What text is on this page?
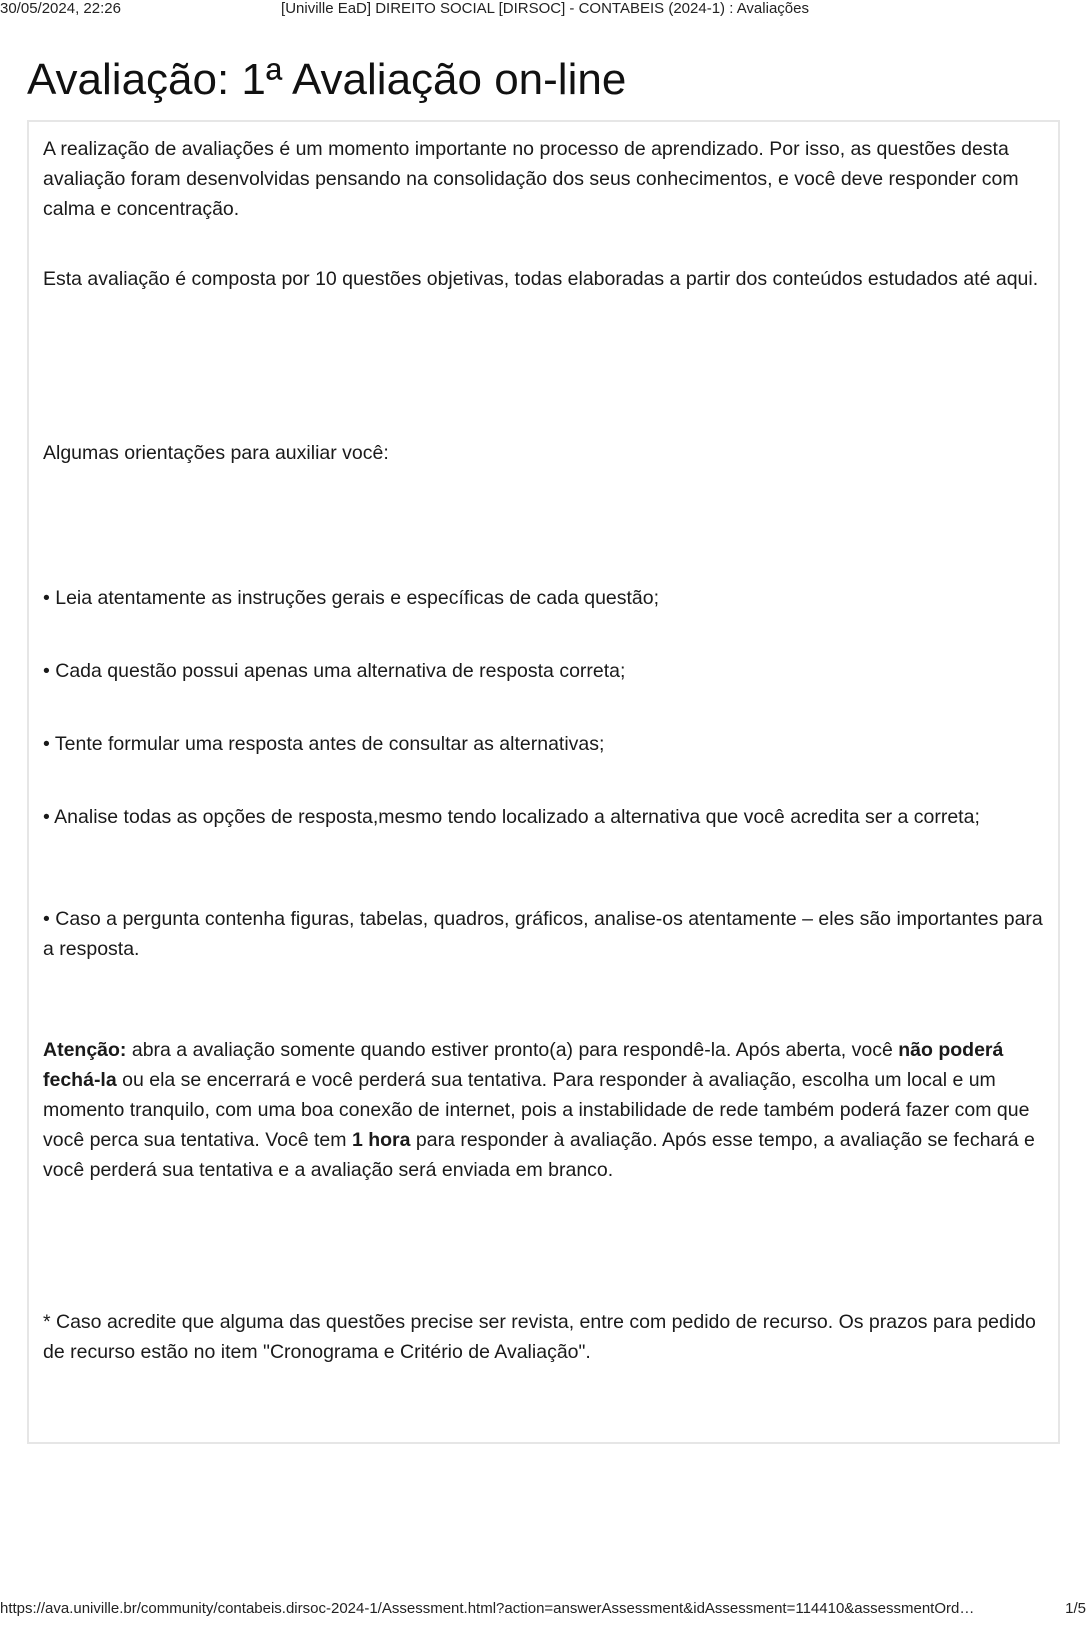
30/05/2024, 22:26	[Univille EaD] DIREITO SOCIAL [DIRSOC] - CONTABEIS (2024-1) : Avaliações
Avaliação: 1ª Avaliação on-line

A realização de avaliações é um momento importante no processo de aprendizado. Por isso, as questões desta avaliação foram desenvolvidas pensando na consolidação dos seus conhecimentos, e você deve responder com calma e concentração.

Esta avaliação é composta por 10 questões objetivas, todas elaboradas a partir dos conteúdos estudados até aqui.

Algumas orientações para auxiliar você:

• Leia atentamente as instruções gerais e específicas de cada questão;

• Cada questão possui apenas uma alternativa de resposta correta;

• Tente formular uma resposta antes de consultar as alternativas;

• Analise todas as opções de resposta,mesmo tendo localizado a alternativa que você acredita ser a correta;

• Caso a pergunta contenha figuras, tabelas, quadros, gráficos, analise-os atentamente – eles são importantes para a resposta.

Atenção: abra a avaliação somente quando estiver pronto(a) para respondê-la. Após aberta, você não poderá fechá-la ou ela se encerrará e você perderá sua tentativa. Para responder à avaliação, escolha um local e um momento tranquilo, com uma boa conexão de internet, pois a instabilidade de rede também poderá fazer com que você perca sua tentativa. Você tem 1 hora para responder à avaliação. Após esse tempo, a avaliação se fechará e você perderá sua tentativa e a avaliação será enviada em branco.

* Caso acredite que alguma das questões precise ser revista, entre com pedido de recurso. Os prazos para pedido de recurso estão no item "Cronograma e Critério de Avaliação".

https://ava.univille.br/community/contabeis.dirsoc-2024-1/Assessment.html?action=answerAssessment&idAssessment=114410&assessmentOrd…	1/5
